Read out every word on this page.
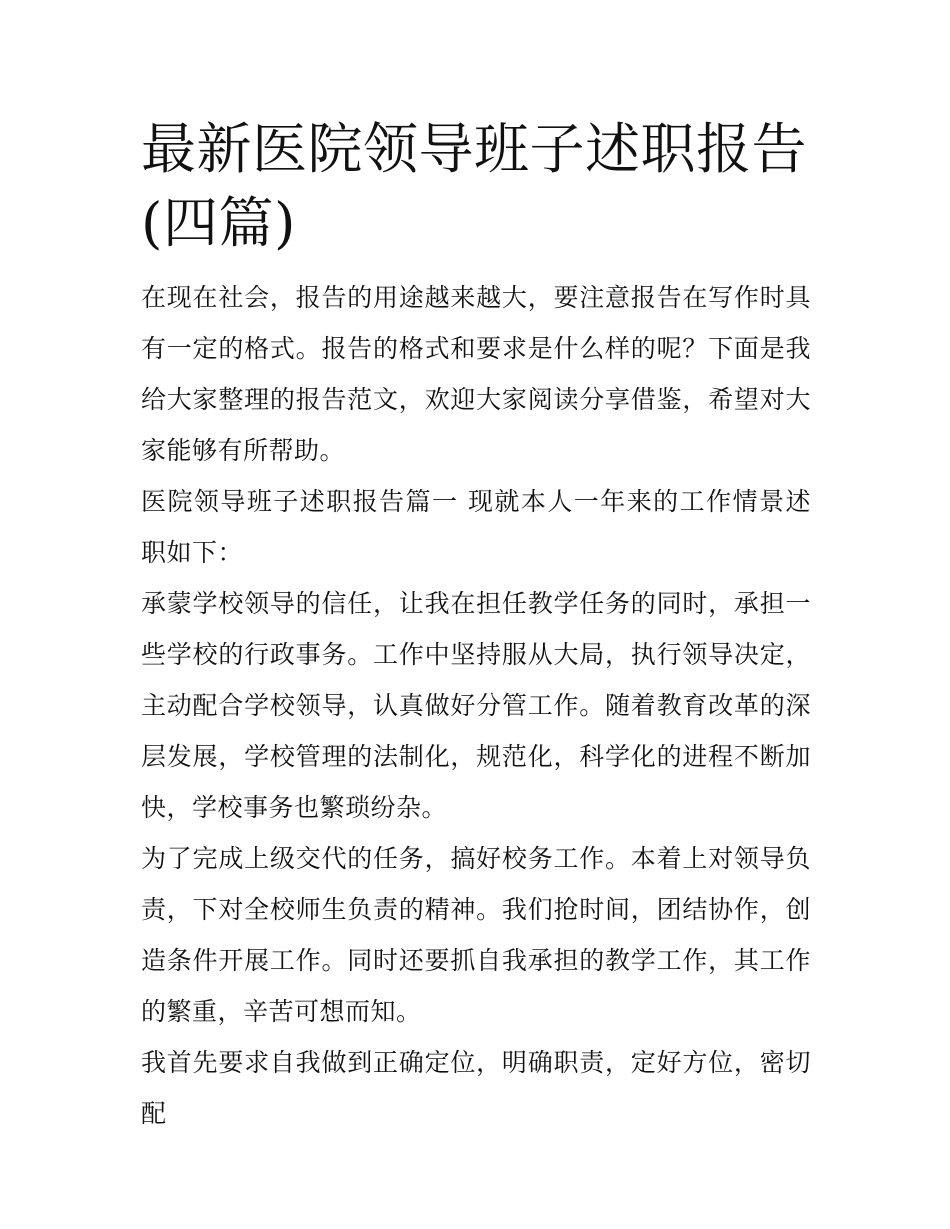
最新医院领导班子述职报告(四篇)

在现在社会，报告的用途越来越大，要注意报告在写作时具有一定的格式。报告的格式和要求是什么样的呢？下面是我给大家整理的报告范文，欢迎大家阅读分享借鉴，希望对大家能够有所帮助。

医院领导班子述职报告篇一 现就本人一年来的工作情景述职如下：

承蒙学校领导的信任，让我在担任教学任务的同时，承担一些学校的行政事务。工作中坚持服从大局，执行领导决定，主动配合学校领导，认真做好分管工作。随着教育改革的深层发展，学校管理的法制化，规范化，科学化的进程不断加快，学校事务也繁琐纷杂。

为了完成上级交代的任务，搞好校务工作。本着上对领导负责，下对全校师生负责的精神。我们抢时间，团结协作，创造条件开展工作。同时还要抓自我承担的教学工作，其工作的繁重，辛苦可想而知。

我首先要求自我做到正确定位，明确职责，定好方位，密切配
